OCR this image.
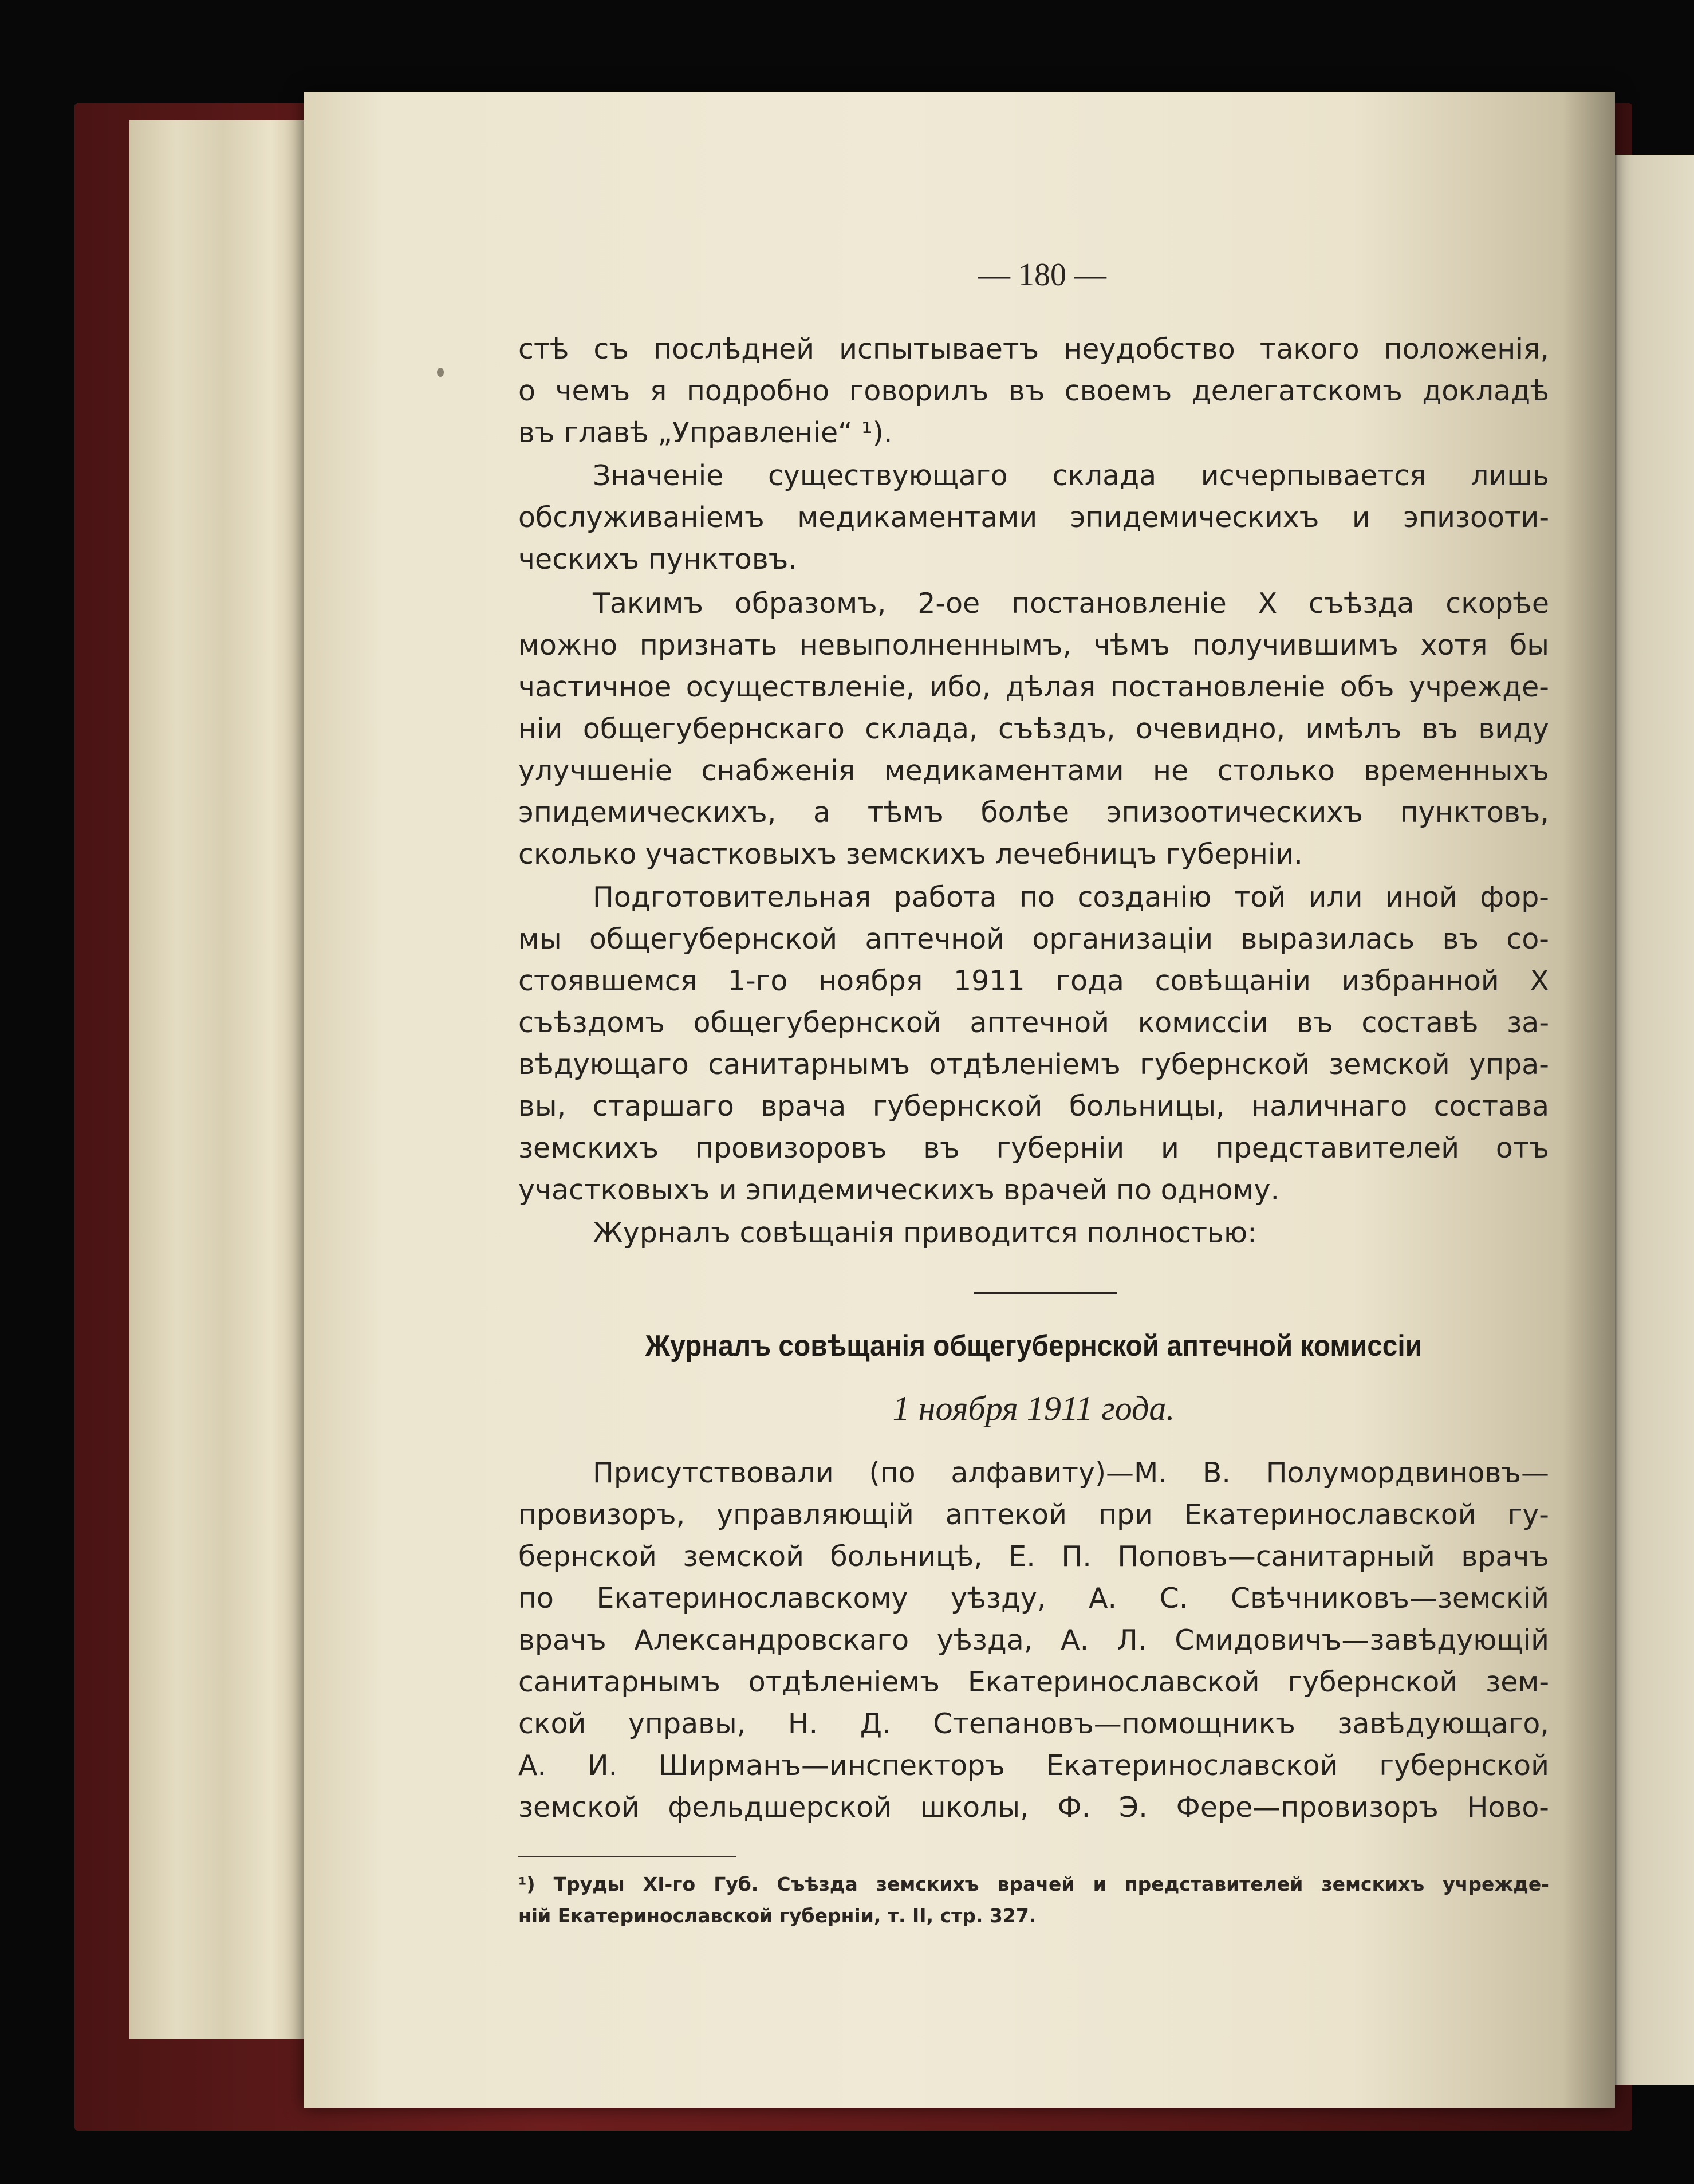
— 180 —
стѣ съ послѣдней испытываетъ неудобство такого положенія,
о чемъ я подробно говорилъ въ своемъ делегатскомъ докладѣ
въ главѣ „Управленіе“ ¹).
Значеніе существующаго склада исчерпывается лишь
обслуживаніемъ медикаментами эпидемическихъ и эпизооти-
ческихъ пунктовъ.
Такимъ образомъ, 2-ое постановленіе X съѣзда скорѣе
можно признать невыполненнымъ, чѣмъ получившимъ хотя бы
частичное осуществленіе, ибо, дѣлая постановленіе объ учрежде-
ніи общегубернскаго склада, съѣздъ, очевидно, имѣлъ въ виду
улучшеніе снабженія медикаментами не столько временныхъ
эпидемическихъ, а тѣмъ болѣе эпизоотическихъ пунктовъ,
сколько участковыхъ земскихъ лечебницъ губерніи.
Подготовительная работа по созданію той или иной фор-
мы общегубернской аптечной организаціи выразилась въ со-
стоявшемся 1-го ноября 1911 года совѣщаніи избранной X
съѣздомъ общегубернской аптечной комиссіи въ составѣ за-
вѣдующаго санитарнымъ отдѣленіемъ губернской земской упра-
вы, старшаго врача губернской больницы, наличнаго состава
земскихъ провизоровъ въ губерніи и представителей отъ
участковыхъ и эпидемическихъ врачей по одному.
Журналъ совѣщанія приводится полностью:
Журналъ совѣщанія общегубернской аптечной комиссіи
1 ноября 1911 года.
Присутствовали (по алфавиту)—М. В. Полумордвиновъ—
провизоръ, управляющій аптекой при Екатеринославской гу-
бернской земской больницѣ, Е. П. Поповъ—санитарный врачъ
по Екатеринославскому уѣзду, А. С. Свѣчниковъ—земскій
врачъ Александровскаго уѣзда, А. Л. Смидовичъ—завѣдующій
санитарнымъ отдѣленіемъ Екатеринославской губернской зем-
ской управы, Н. Д. Степановъ—помощникъ завѣдующаго,
А. И. Ширманъ—инспекторъ Екатеринославской губернской
земской фельдшерской школы, Ф. Э. Фере—провизоръ Ново-
¹) Труды XI-го Губ. Съѣзда земскихъ врачей и представителей земскихъ учрежде-
ній Екатеринославской губерніи, т. II, стр. 327.
